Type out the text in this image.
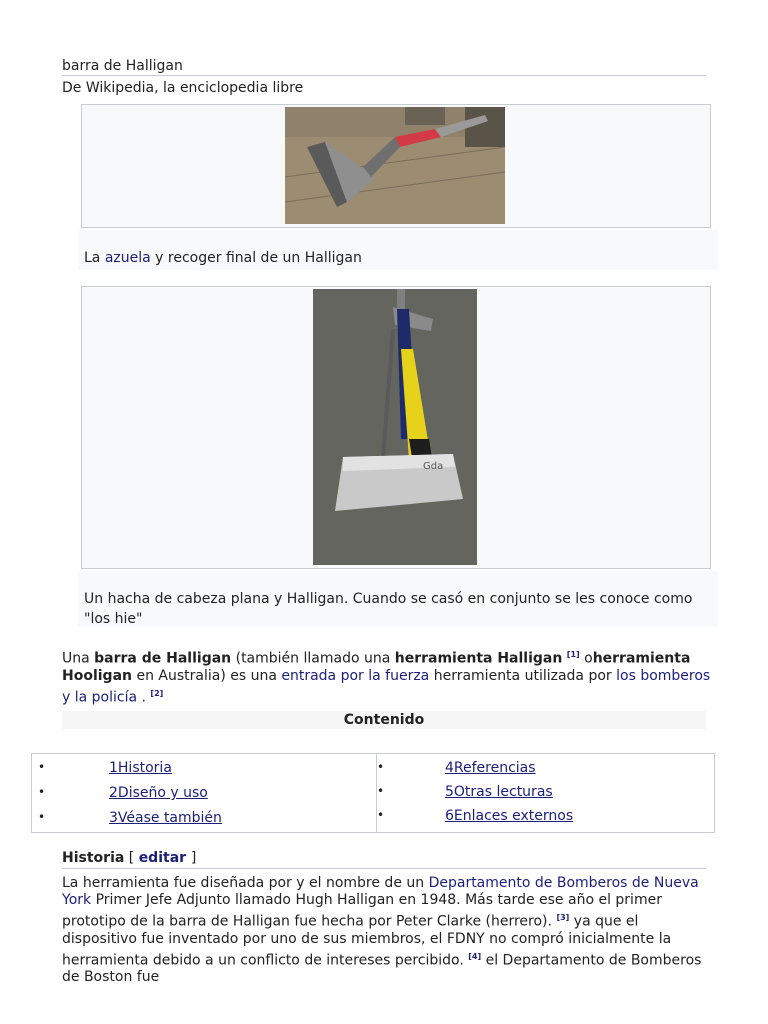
barra de Halligan
De Wikipedia, la enciclopedia libre
La azuela y recoger final de un Halligan
Gda
Un hacha de cabeza plana y Halligan. Cuando se casó en conjunto se les conoce como "los hie"
Una barra de Halligan (también llamado una herramienta Halligan [1] oherramienta Hooligan en Australia) es una entrada por la fuerza herramienta utilizada por los bomberos y la policía . [2]
Contenido
•	1Historia
•	2Diseño y uso
•	3Véase también
•	4Referencias
•	5Otras lecturas
•	6Enlaces externos
Historia [ editar ]
La herramienta fue diseñada por y el nombre de un Departamento de Bomberos de Nueva York Primer Jefe Adjunto llamado Hugh Halligan en 1948. Más tarde ese año el primer prototipo de la barra de Halligan fue hecha por Peter Clarke (herrero). [3] ya que el dispositivo fue inventado por uno de sus miembros, el FDNY no compró inicialmente la herramienta debido a un conflicto de intereses percibido. [4] el Departamento de Bomberos de Boston fue
